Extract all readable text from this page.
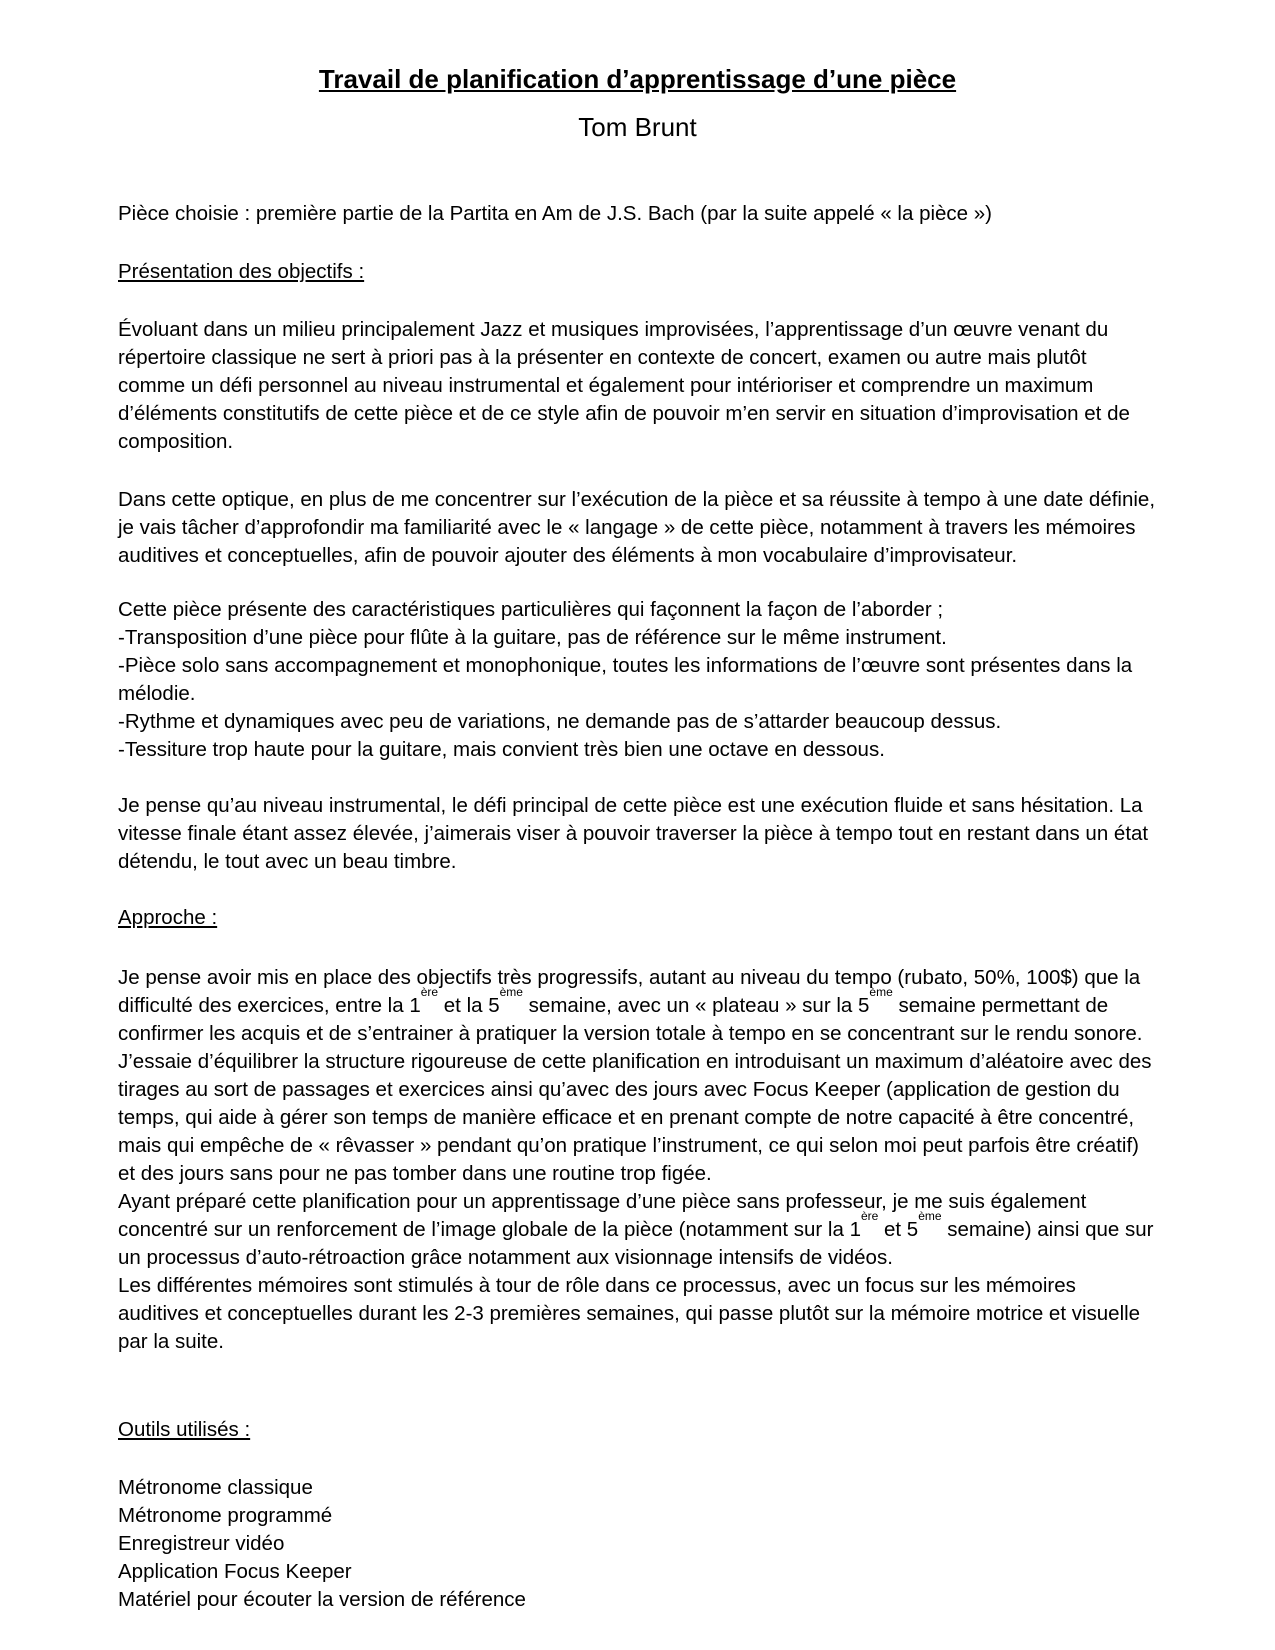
Travail de planification d’apprentissage d’une pièce
Tom Brunt

Pièce choisie : première partie de la Partita en Am de J.S. Bach (par la suite appelé « la pièce »)

Présentation des objectifs :

Évoluant dans un milieu principalement Jazz et musiques improvisées, l’apprentissage d’un œuvre venant du répertoire classique ne sert à priori pas à la présenter en contexte de concert, examen ou autre mais plutôt comme un défi personnel au niveau instrumental et également pour intérioriser et comprendre un maximum d’éléments constitutifs de cette pièce et de ce style afin de pouvoir m’en servir en situation d’improvisation et de composition.

Dans cette optique, en plus de me concentrer sur l’exécution de la pièce et sa réussite à tempo à une date définie, je vais tâcher d’approfondir ma familiarité avec le « langage » de cette pièce, notamment à travers les mémoires auditives et conceptuelles, afin de pouvoir ajouter des éléments à mon vocabulaire d’improvisateur.

Cette pièce présente des caractéristiques particulières qui façonnent la façon de l’aborder ;
-Transposition d’une pièce pour flûte à la guitare, pas de référence sur le même instrument.
-Pièce solo sans accompagnement et monophonique, toutes les informations de l’œuvre sont présentes dans la mélodie.
-Rythme et dynamiques avec peu de variations, ne demande pas de s’attarder beaucoup dessus.
-Tessiture trop haute pour la guitare, mais convient très bien une octave en dessous.

Je pense qu’au niveau instrumental, le défi principal de cette pièce est une exécution fluide et sans hésitation. La vitesse finale étant assez élevée, j’aimerais viser à pouvoir traverser la pièce à tempo tout en restant dans un état détendu, le tout avec un beau timbre.

Approche :
Je pense avoir mis en place des objectifs très progressifs, autant au niveau du tempo (rubato, 50%, 100$) que la difficulté des exercices, entre la 1ère et la 5ème semaine, avec un « plateau » sur la 5ème semaine permettant de confirmer les acquis et de s’entrainer à pratiquer la version totale à tempo en se concentrant sur le rendu sonore.
J’essaie d’équilibrer la structure rigoureuse de cette planification en introduisant un maximum d’aléatoire avec des tirages au sort de passages et exercices ainsi qu’avec des jours avec Focus Keeper (application de gestion du temps, qui aide à gérer son temps de manière efficace et en prenant compte de notre capacité à être concentré, mais qui empêche de « rêvasser » pendant qu’on pratique l’instrument, ce qui selon moi peut parfois être créatif) et des jours sans pour ne pas tomber dans une routine trop figée.
Ayant préparé cette planification pour un apprentissage d’une pièce sans professeur, je me suis également concentré sur un renforcement de l’image globale de la pièce (notamment sur la 1ère et 5ème semaine) ainsi que sur un processus d’auto-rétroaction grâce notamment aux visionnage intensifs de vidéos.
Les différentes mémoires sont stimulés à tour de rôle dans ce processus, avec un focus sur les mémoires auditives et conceptuelles durant les 2-3 premières semaines, qui passe plutôt sur la mémoire motrice et visuelle par la suite.
Outils utilisés :
Métronome classique
Métronome programmé
Enregistreur vidéo
Application Focus Keeper
Matériel pour écouter la version de référence
